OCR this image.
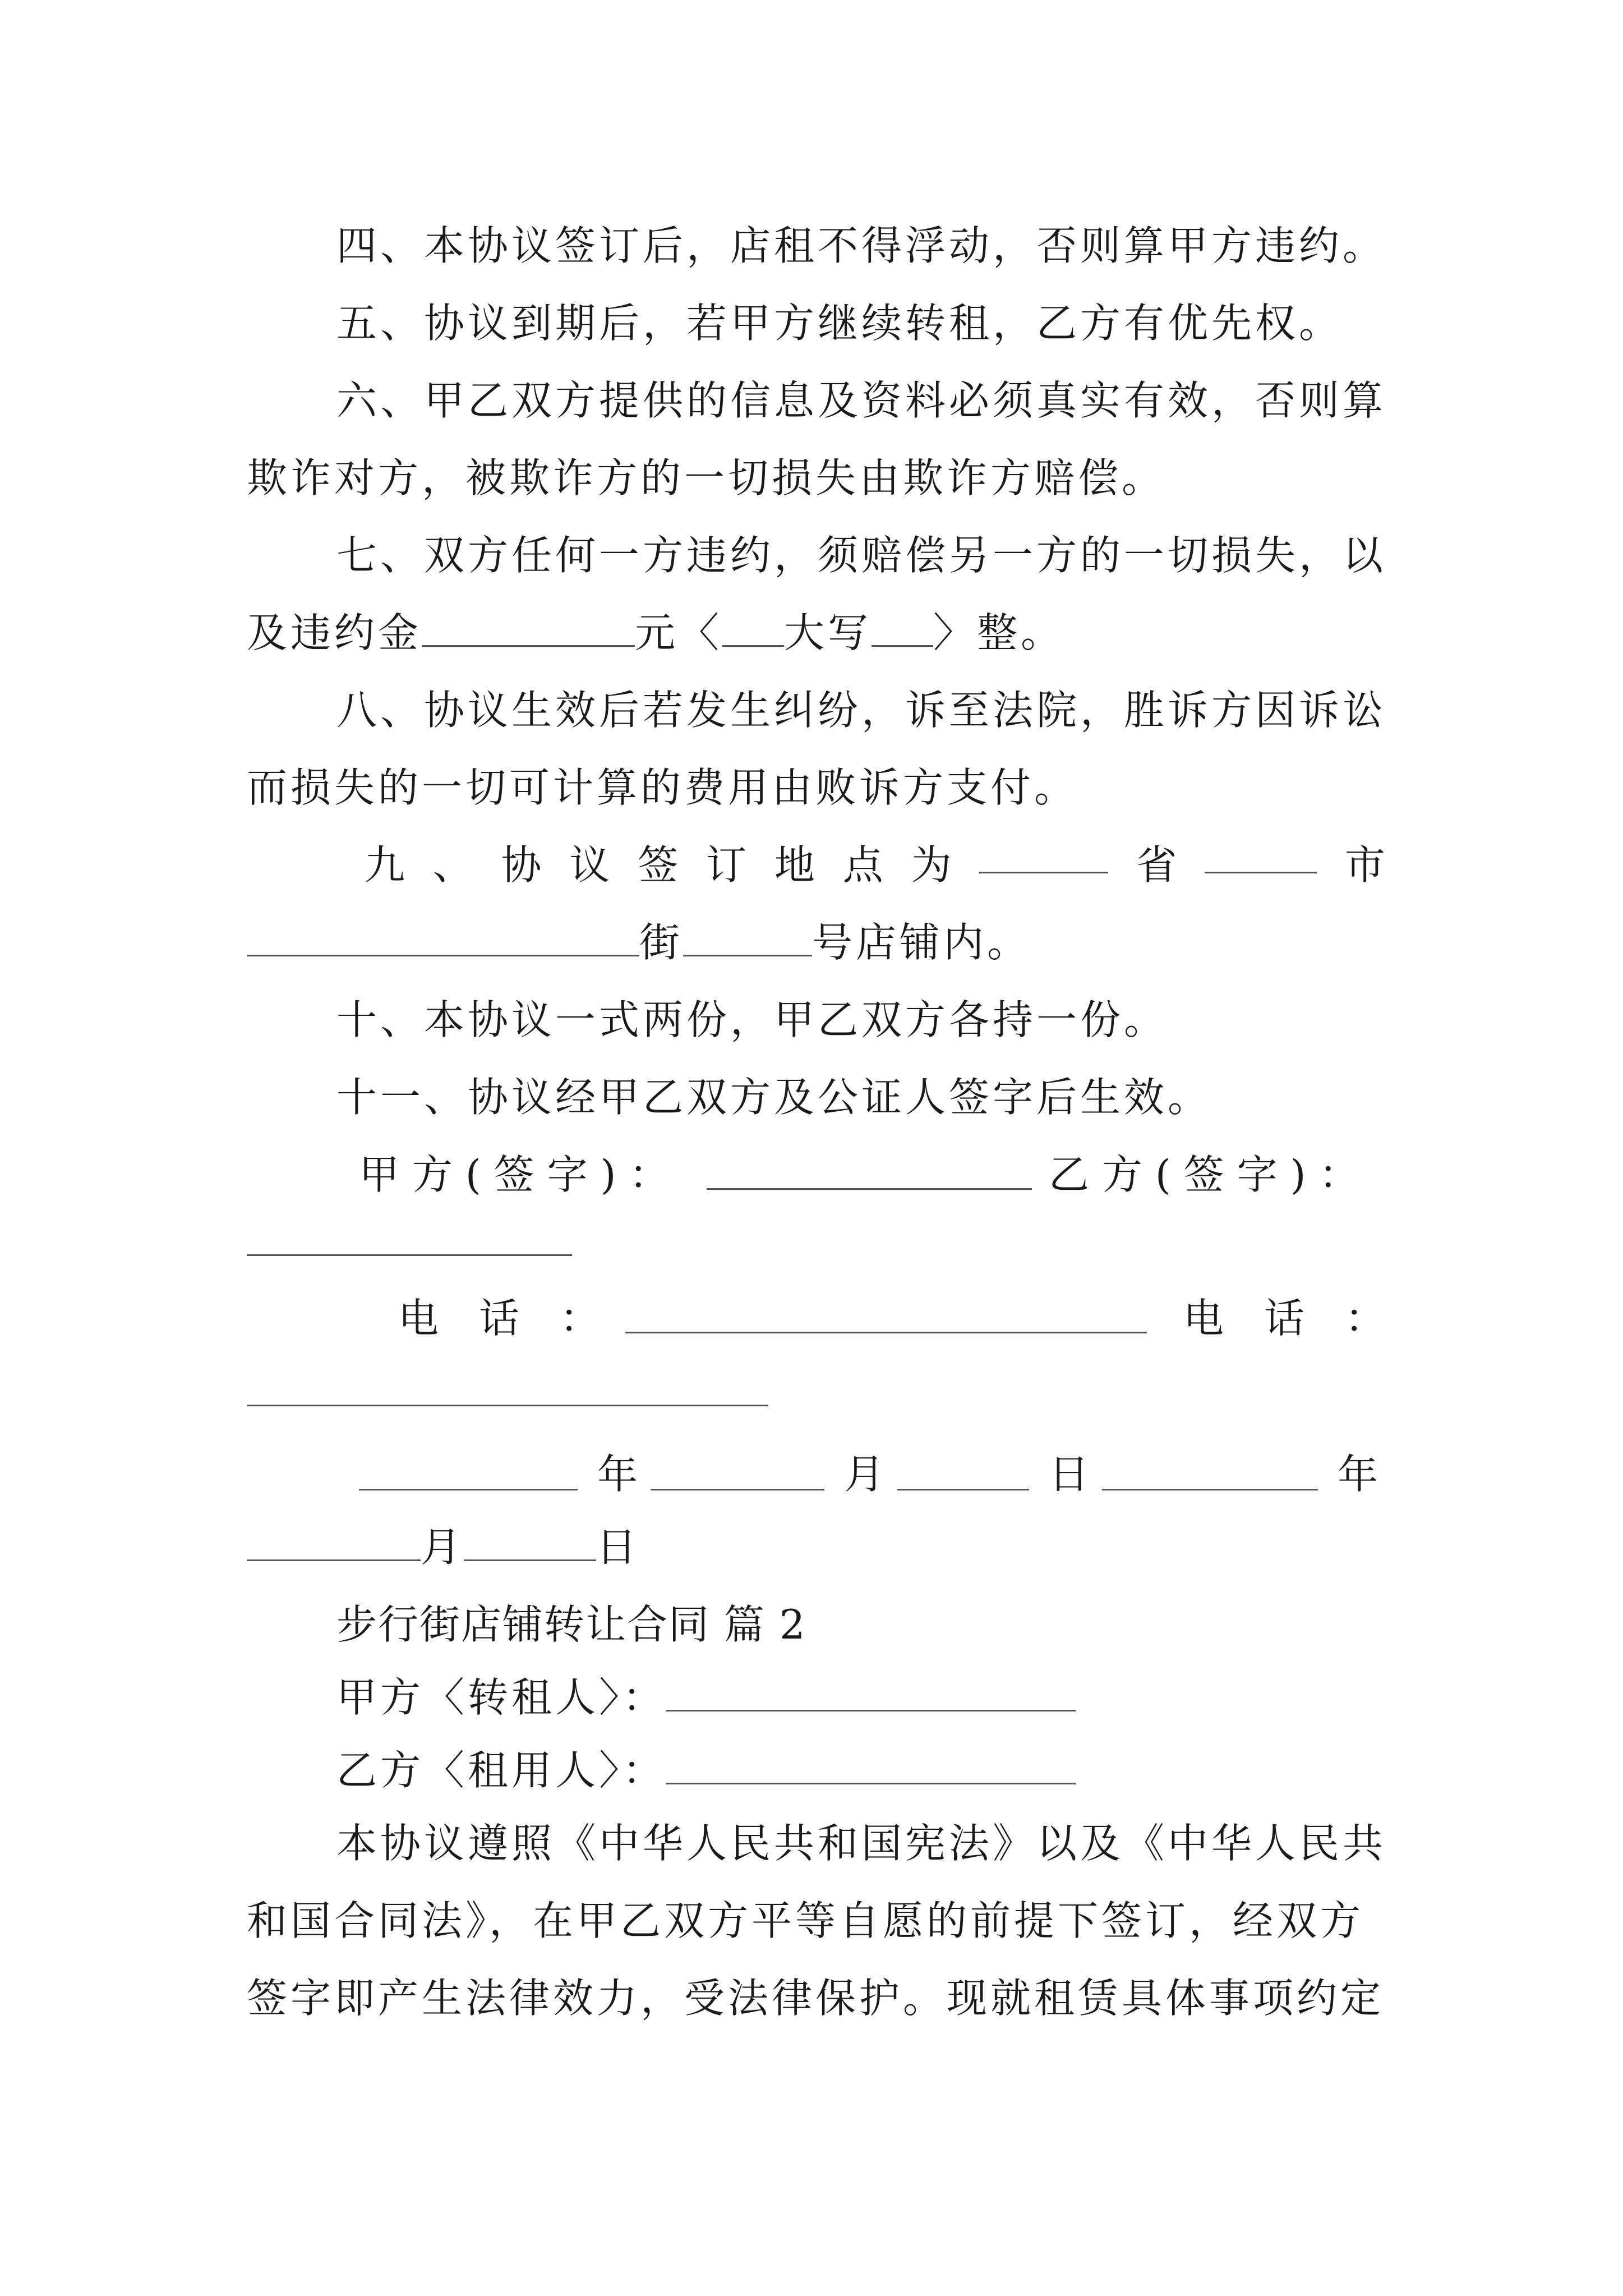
四、本协议签订后，店租不得浮动，否则算甲方违约。
五、协议到期后，若甲方继续转租，乙方有优先权。
六、甲乙双方提供的信息及资料必须真实有效，否则算
欺诈对方，被欺诈方的一切损失由欺诈方赔偿。
七、双方任何一方违约，须赔偿另一方的一切损失，以
及违约金	元〈 大写 〉整。
八、协议生效后若发生纠纷，诉至法院，胜诉方因诉讼
而损失的一切可计算的费用由败诉方支付。
九 、 协 议 签 订 地 点 为	省	市
街	号店铺内。
十、本协议一式两份，甲乙双方各持一份。
十一、协议经甲乙双方及公证人签字后生效。
甲 方 ( 签 字 ) ：	乙 方 ( 签 字 ) ：
电　话　：	电　话　：
年	月	日	年
月	日
步行街店铺转让合同 篇 2
甲方〈转租人〉：
乙方〈租用人〉：
本协议遵照《中华人民共和国宪法》以及《中华人民共
和国合同法》，在甲乙双方平等自愿的前提下签订，经双方
签字即产生法律效力，受法律保护。现就租赁具体事项约定
